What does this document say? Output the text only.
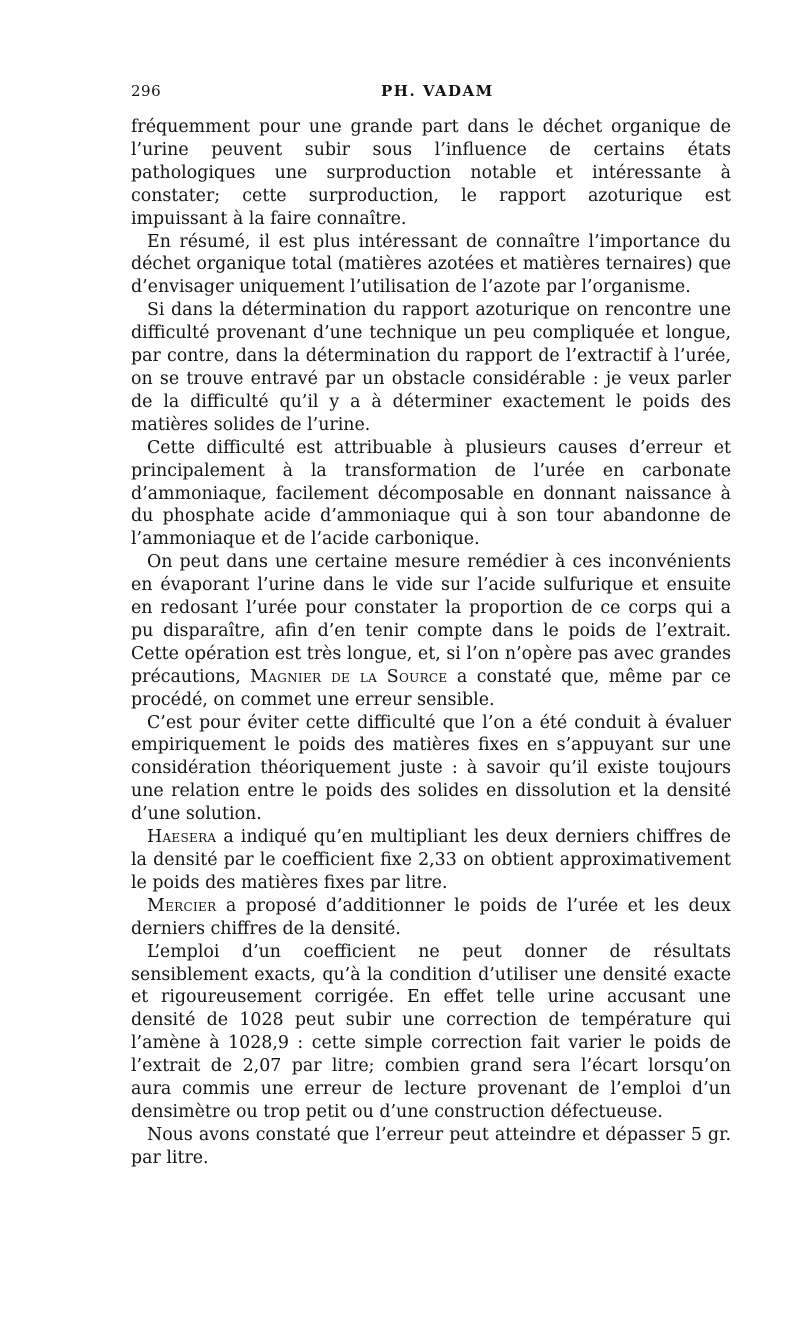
296	PH. VADAM

fréquemment pour une grande part dans le déchet organique de l’urine peuvent subir sous l’influence de certains états pathologiques une surproduction notable et intéressante à constater; cette surproduction, le rapport azoturique est impuissant à la faire connaître.

En résumé, il est plus intéressant de connaître l’importance du déchet organique total (matières azotées et matières ternaires) que d’envisager uniquement l’utilisation de l’azote par l’organisme.

Si dans la détermination du rapport azoturique on rencontre une difficulté provenant d’une technique un peu compliquée et longue, par contre, dans la détermination du rapport de l’extractif à l’urée, on se trouve entravé par un obstacle considérable : je veux parler de la difficulté qu’il y a à déterminer exactement le poids des matières solides de l’urine.

Cette difficulté est attribuable à plusieurs causes d’erreur et principalement à la transformation de l’urée en carbonate d’ammoniaque, facilement décomposable en donnant naissance à du phosphate acide d’ammoniaque qui à son tour abandonne de l’ammoniaque et de l’acide carbonique.

On peut dans une certaine mesure remédier à ces inconvénients en évaporant l’urine dans le vide sur l’acide sulfurique et ensuite en redosant l’urée pour constater la proportion de ce corps qui a pu disparaître, afin d’en tenir compte dans le poids de l’extrait. Cette opération est très longue, et, si l’on n’opère pas avec grandes précautions, Magnier de la Source a constaté que, même par ce procédé, on commet une erreur sensible.

C’est pour éviter cette difficulté que l’on a été conduit à évaluer empiriquement le poids des matières fixes en s’appuyant sur une considération théoriquement juste : à savoir qu’il existe toujours une relation entre le poids des solides en dissolution et la densité d’une solution.

Haesera a indiqué qu’en multipliant les deux derniers chiffres de la densité par le coefficient fixe 2,33 on obtient approximativement le poids des matières fixes par litre.

Mercier a proposé d’additionner le poids de l’urée et les deux derniers chiffres de la densité.

L’emploi d’un coefficient ne peut donner de résultats sensiblement exacts, qu’à la condition d’utiliser une densité exacte et rigoureusement corrigée. En effet telle urine accusant une densité de 1028 peut subir une correction de température qui l’amène à 1028,9 : cette simple correction fait varier le poids de l’extrait de 2,07 par litre; combien grand sera l’écart lorsqu’on aura commis une erreur de lecture provenant de l’emploi d’un densimètre ou trop petit ou d’une construction défectueuse.

Nous avons constaté que l’erreur peut atteindre et dépasser 5 gr. par litre.
